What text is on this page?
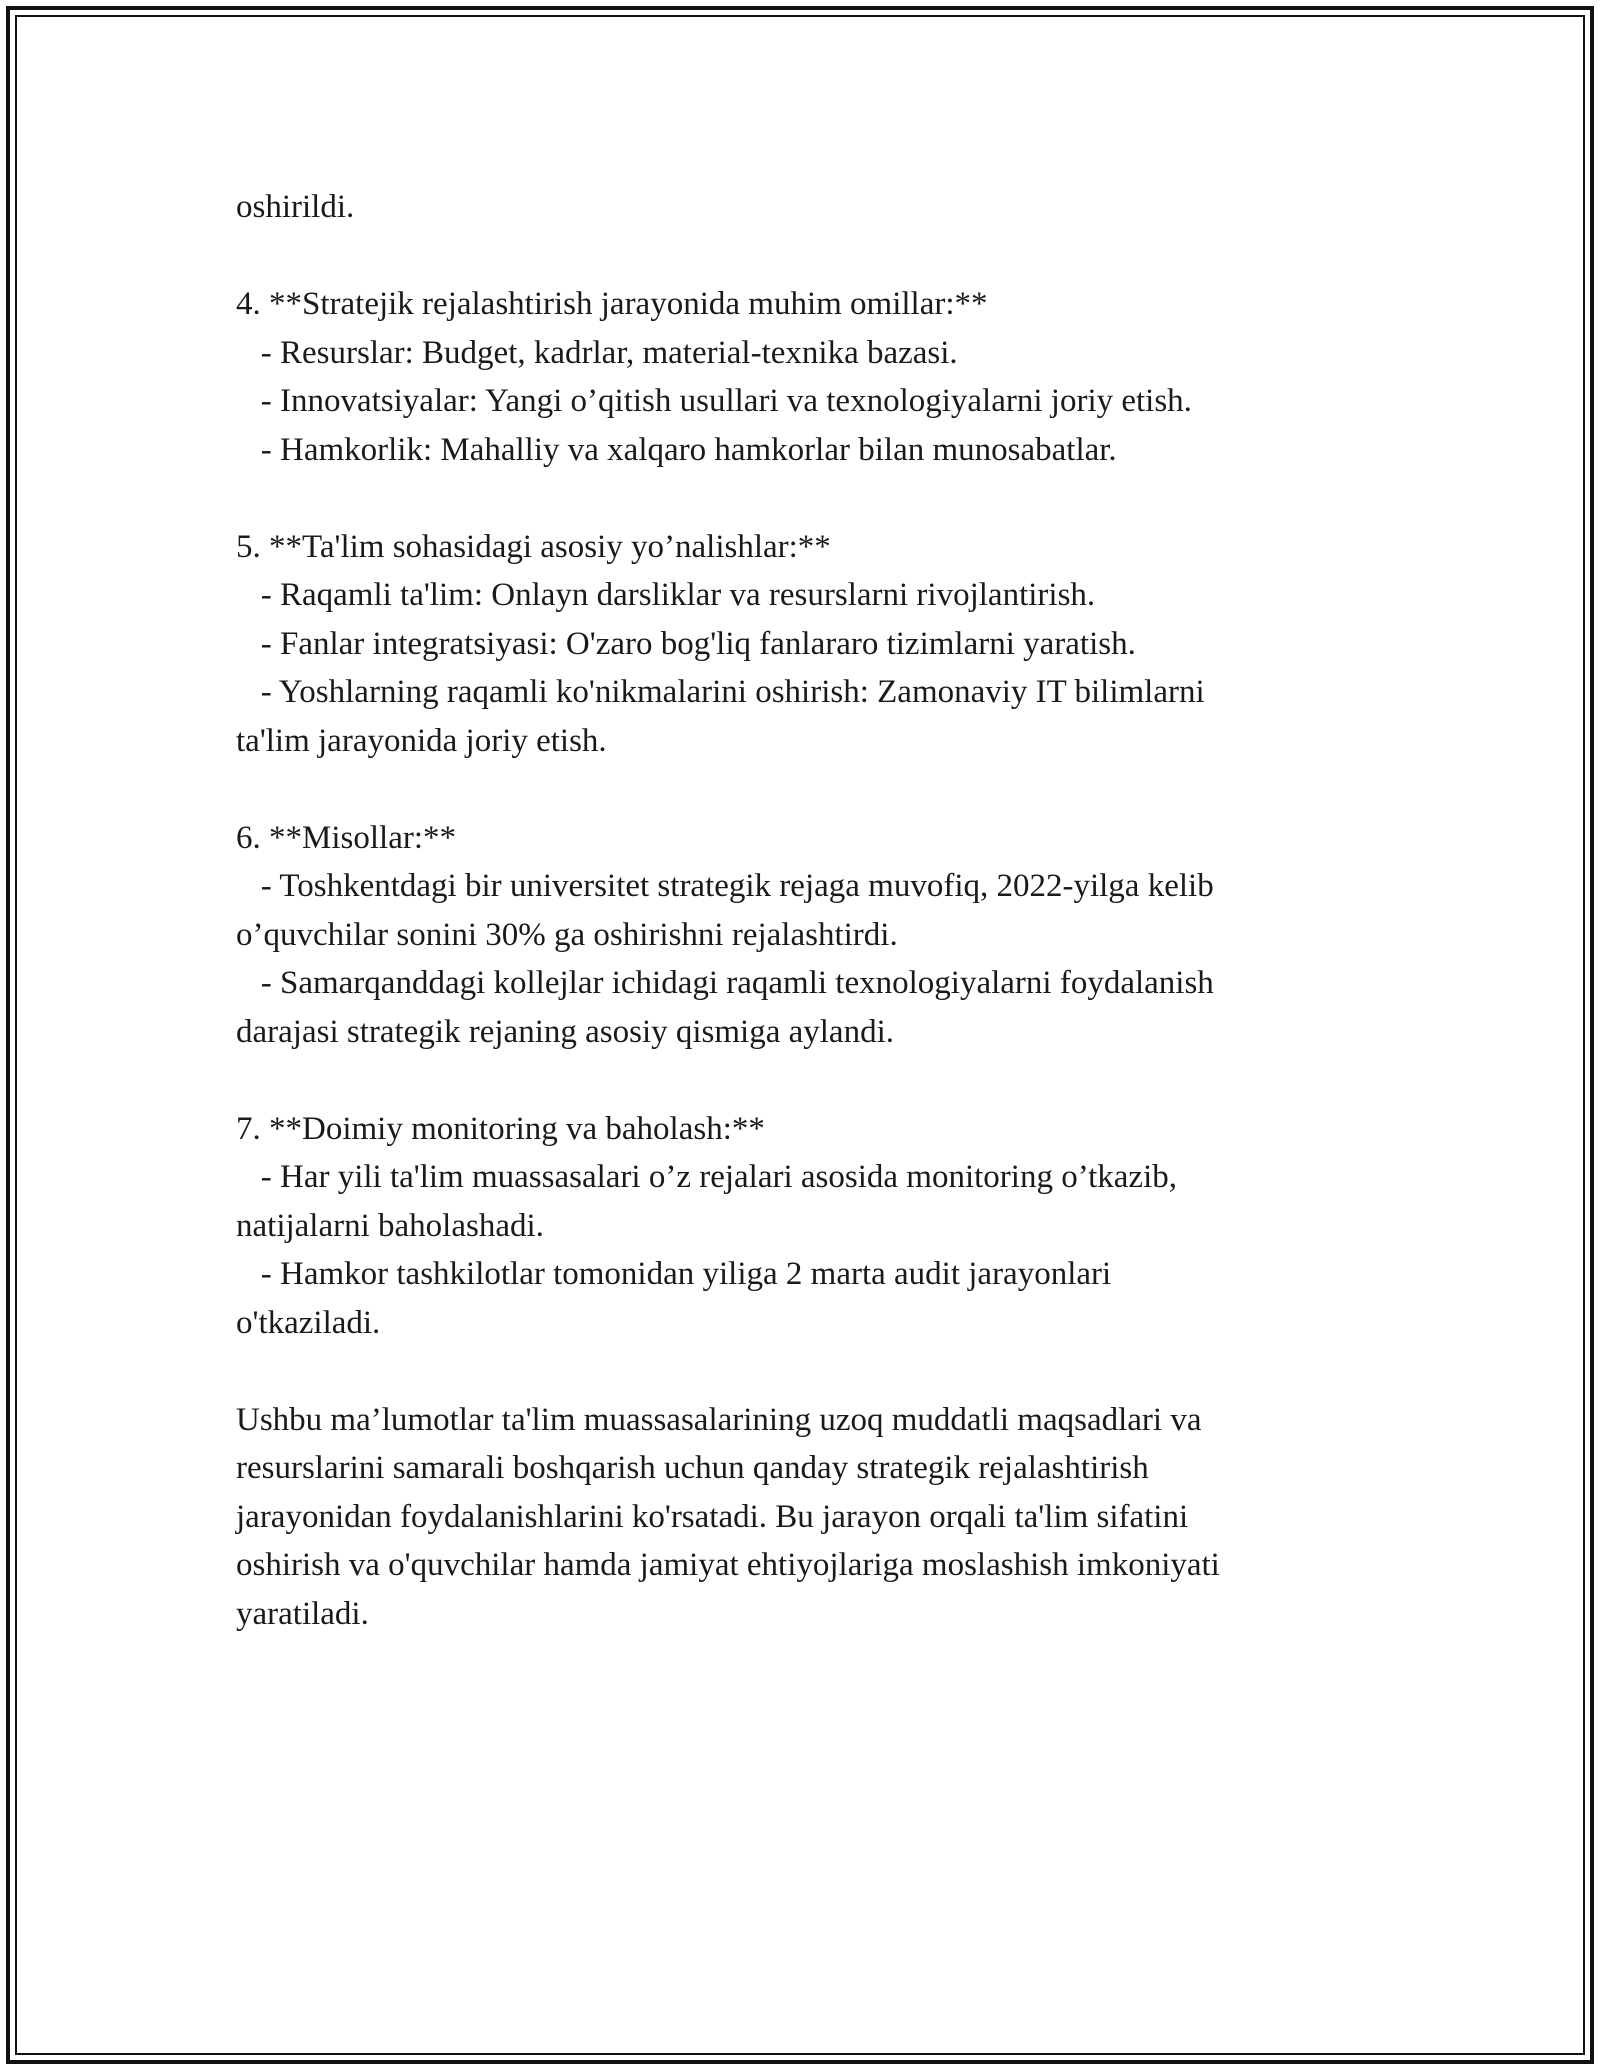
oshirildi.

4. **Stratejik rejalashtirish jarayonida muhim omillar:**

- Resurslar: Budget, kadrlar, material-texnika bazasi.

- Innovatsiyalar: Yangi o’qitish usullari va texnologiyalarni joriy etish.

- Hamkorlik: Mahalliy va xalqaro hamkorlar bilan munosabatlar.

5. **Ta'lim sohasidagi asosiy yo’nalishlar:**

- Raqamli ta'lim: Onlayn darsliklar va resurslarni rivojlantirish.

- Fanlar integratsiyasi: O'zaro bog'liq fanlararo tizimlarni yaratish.

- Yoshlarning raqamli ko'nikmalarini oshirish: Zamonaviy IT bilimlarni

ta'lim jarayonida joriy etish.

6. **Misollar:**

- Toshkentdagi bir universitet strategik rejaga muvofiq, 2022-yilga kelib

o’quvchilar sonini 30% ga oshirishni rejalashtirdi.

- Samarqanddagi kollejlar ichidagi raqamli texnologiyalarni foydalanish

darajasi strategik rejaning asosiy qismiga aylandi.

7. **Doimiy monitoring va baholash:**

- Har yili ta'lim muassasalari o’z rejalari asosida monitoring o’tkazib,

natijalarni baholashadi.

- Hamkor tashkilotlar tomonidan yiliga 2 marta audit jarayonlari

o'tkaziladi.

Ushbu ma’lumotlar ta'lim muassasalarining uzoq muddatli maqsadlari va

resurslarini samarali boshqarish uchun qanday strategik rejalashtirish

jarayonidan foydalanishlarini ko'rsatadi. Bu jarayon orqali ta'lim sifatini

oshirish va o'quvchilar hamda jamiyat ehtiyojlariga moslashish imkoniyati

yaratiladi.
